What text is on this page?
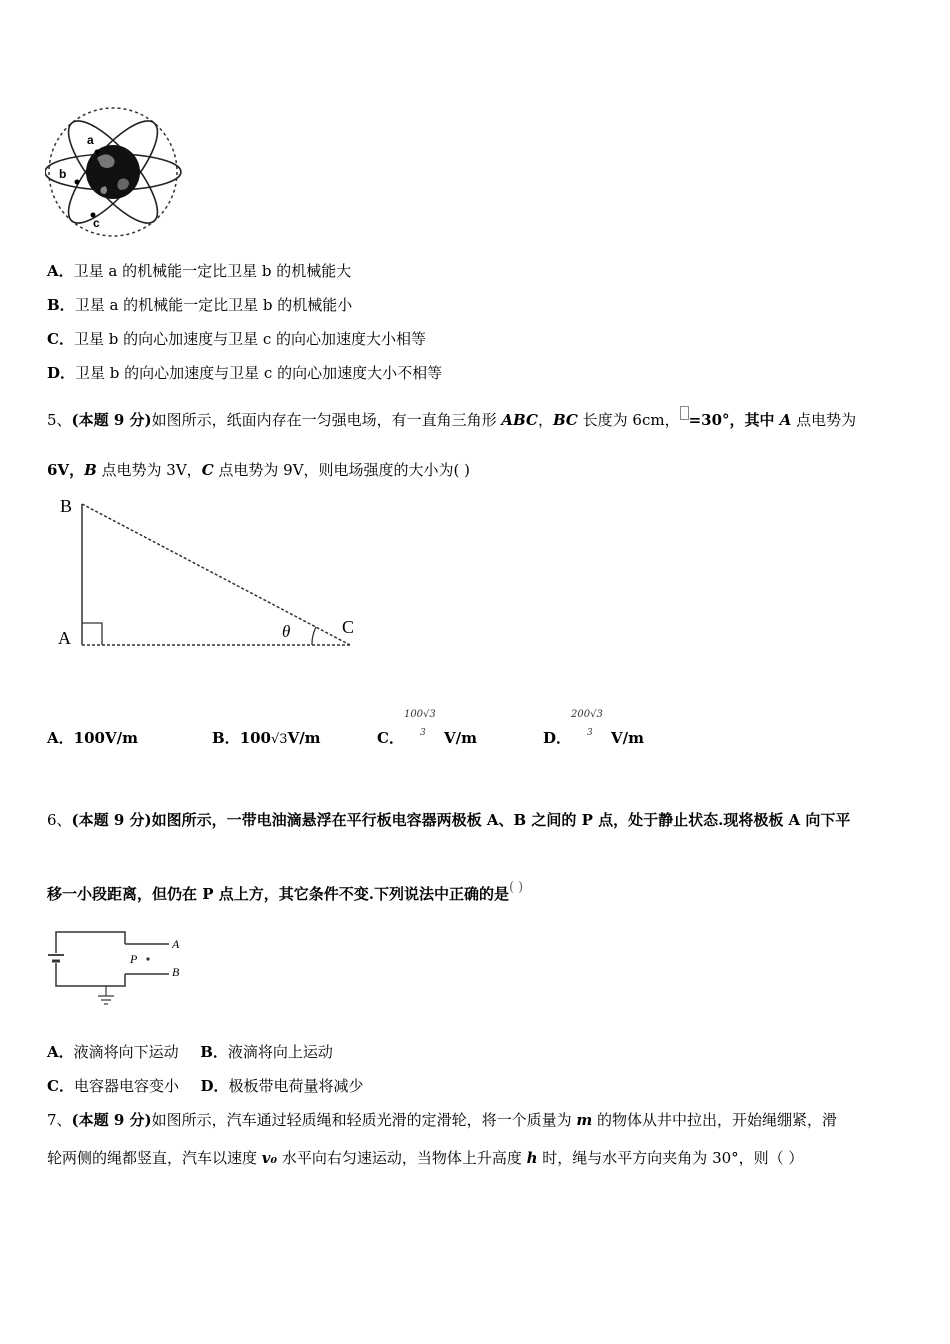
a
b
c
A．卫星 a 的机械能一定比卫星 b 的机械能大
B．卫星 a 的机械能一定比卫星 b 的机械能小
C．卫星 b 的向心加速度与卫星 c 的向心加速度大小相等
D．卫星 b 的向心加速度与卫星 c 的向心加速度大小不相等
5、(本题 9 分)如图所示，纸面内存在一匀强电场，有一直角三角形 ABC，BC 长度为 6cm， =30°，其中 A 点电势为
6V，B 点电势为 3V，C 点电势为 9V，则电场强度的大小为( )
B
A
C
θ
A．100V/m	B．100√3V/m	C．
100√3
3 V/m	D．
200√3
3 V/m
6、(本题 9 分)如图所示，一带电油滴悬浮在平行板电容器两极板 A、B 之间的 P 点，处于静止状态.现将极板 A 向下平
移一小段距离，但仍在 P 点上方，其它条件不变.下列说法中正确的是( )
A
B
P
A．液滴将向下运动 B．液滴将向上运动
C．电容器电容变小 D．极板带电荷量将减少
7、(本题 9 分)如图所示，汽车通过轻质绳和轻质光滑的定滑轮，将一个质量为 m 的物体从井中拉出，开始绳绷紧，滑
轮两侧的绳都竖直，汽车以速度 v₀ 水平向右匀速运动，当物体上升高度 h 时，绳与水平方向夹角为 30°，则（ ）
